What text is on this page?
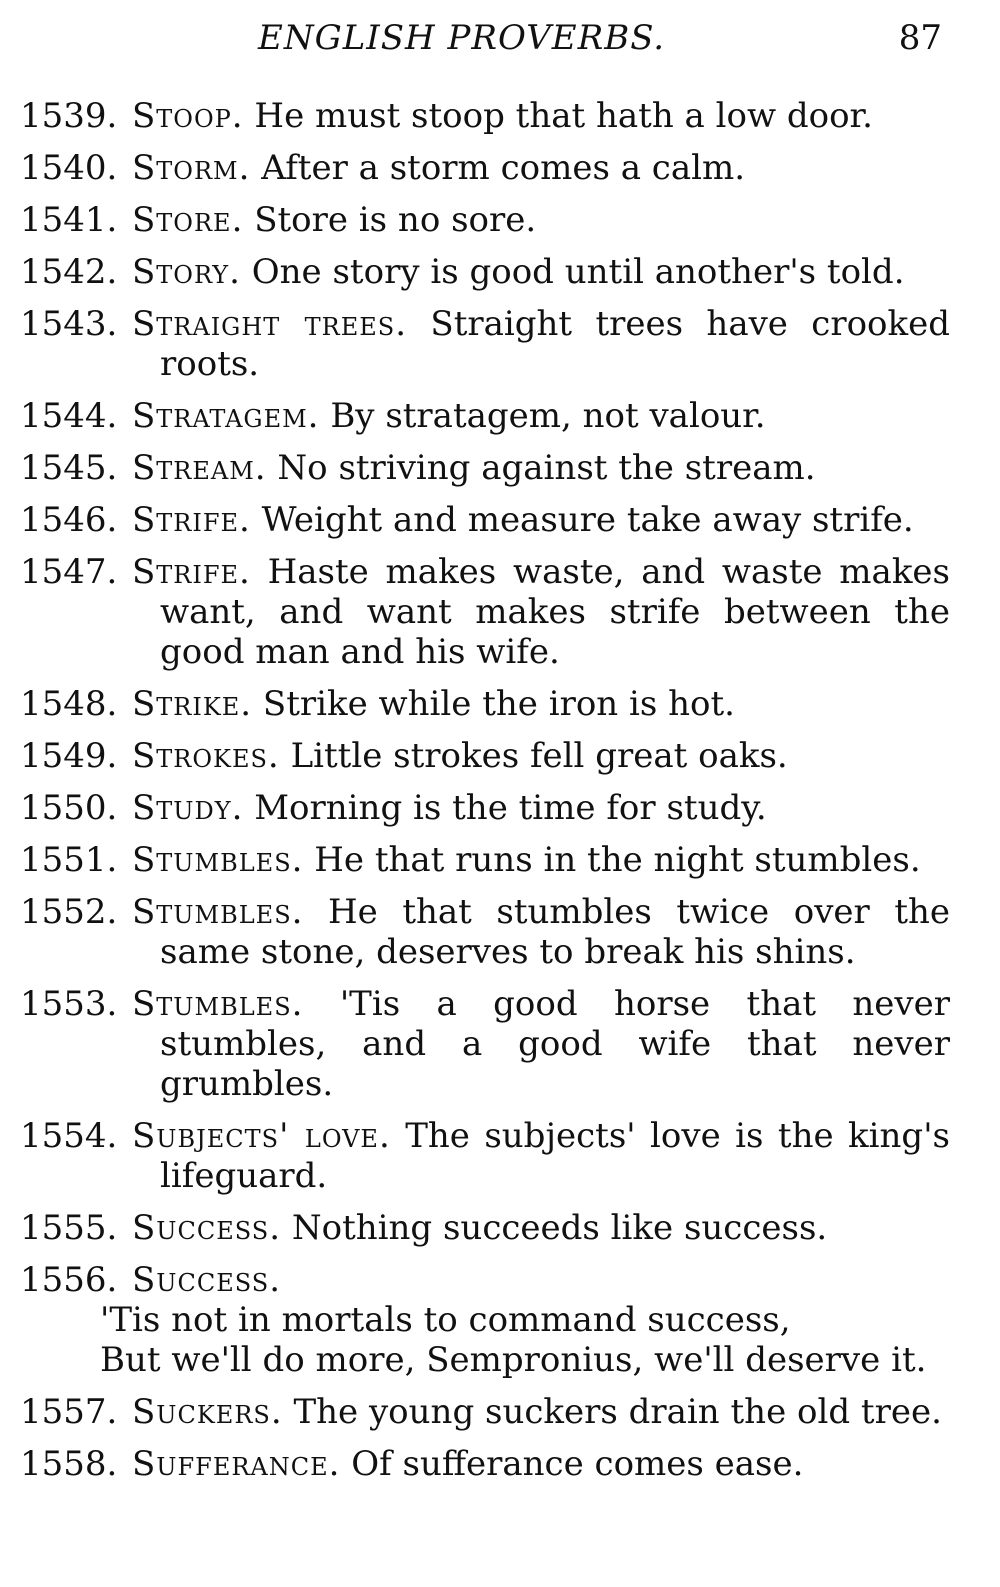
ENGLISH PROVERBS.	87
1539. Stoop. He must stoop that hath a low door.
1540. Storm. After a storm comes a calm.
1541. Store. Store is no sore.
1542. Story. One story is good until another's told.
1543. Straight trees. Straight trees have crooked roots.
1544. Stratagem. By stratagem, not valour.
1545. Stream. No striving against the stream.
1546. Strife. Weight and measure take away strife.
1547. Strife. Haste makes waste, and waste makes want, and want makes strife between the good man and his wife.
1548. Strike. Strike while the iron is hot.
1549. Strokes. Little strokes fell great oaks.
1550. Study. Morning is the time for study.
1551. Stumbles. He that runs in the night stumbles.
1552. Stumbles. He that stumbles twice over the same stone, deserves to break his shins.
1553. Stumbles. 'Tis a good horse that never stumbles, and a good wife that never grumbles.
1554. Subjects' love. The subjects' love is the king's lifeguard.
1555. Success. Nothing succeeds like success.
1556. Success.
'Tis not in mortals to command success,
But we'll do more, Sempronius, we'll deserve it.
1557. Suckers. The young suckers drain the old tree.
1558. Sufferance. Of sufferance comes ease.
